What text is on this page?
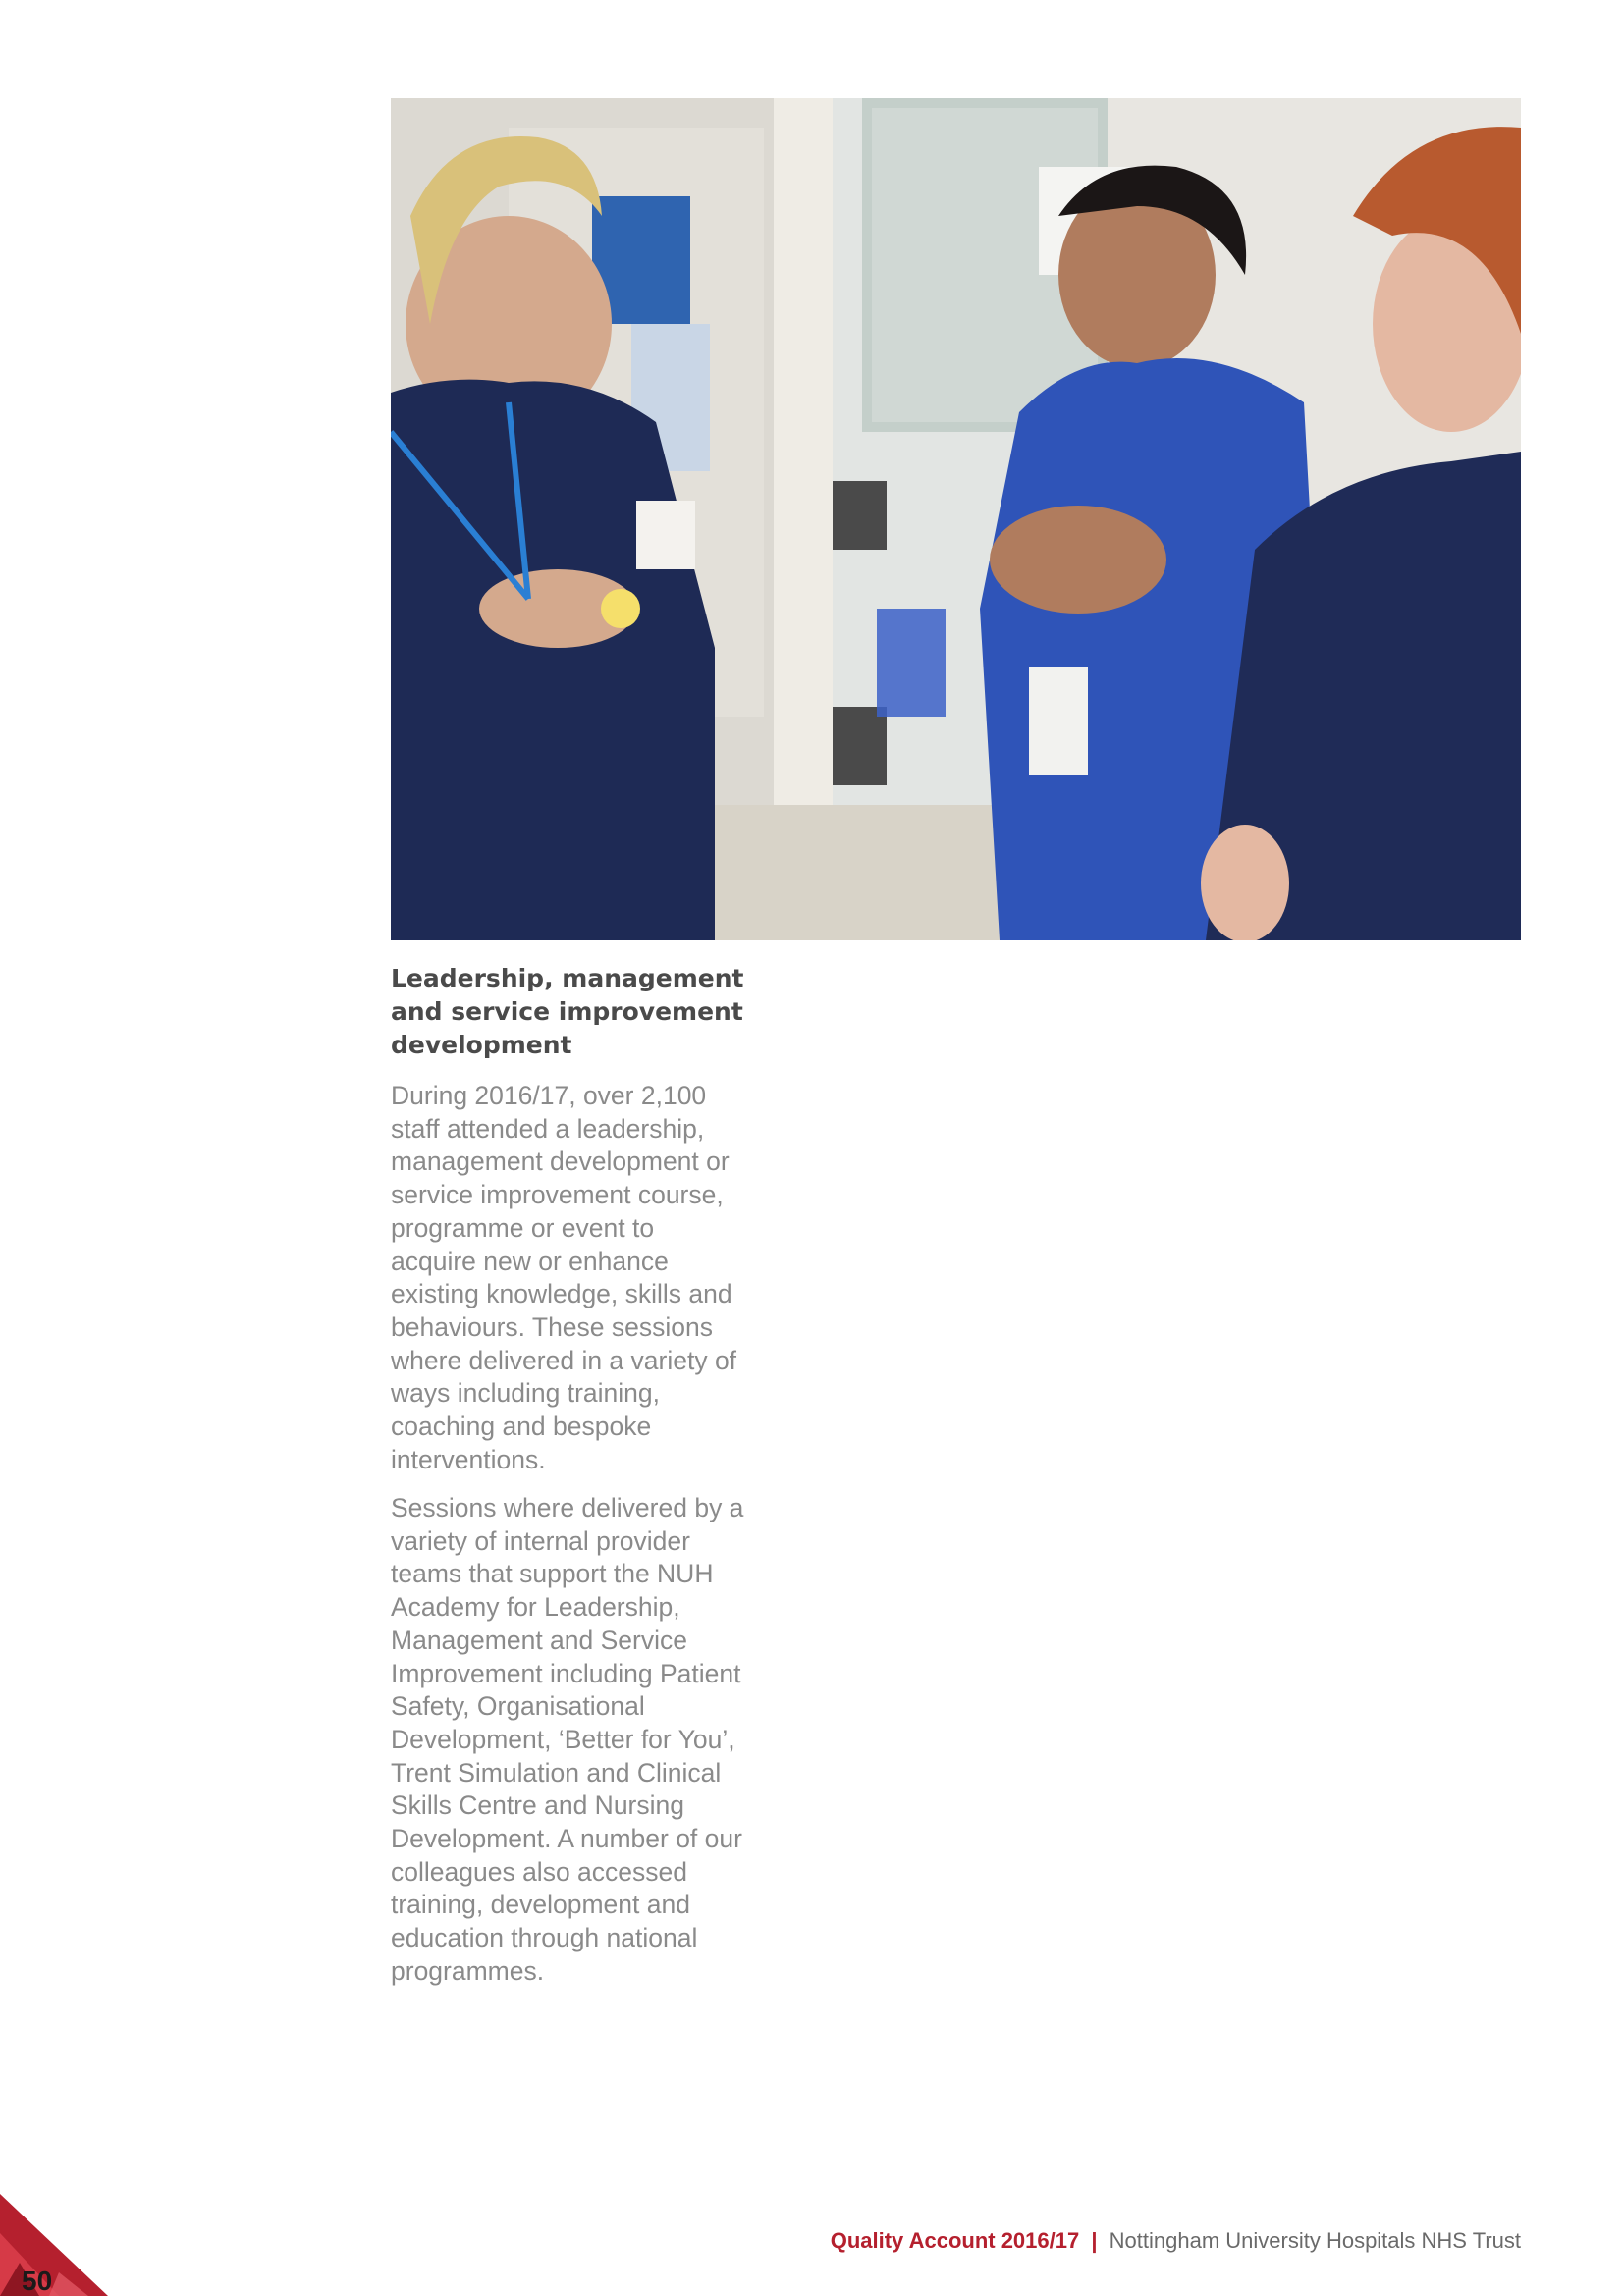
Leadership, management
and service improvement
development

During 2016/17, over 2,100 staff attended a leadership, management development or service improvement course, programme or event to acquire new or enhance existing knowledge, skills and behaviours. These sessions where delivered in a variety of ways including training, coaching and bespoke interventions.

Sessions where delivered by a variety of internal provider teams that support the NUH Academy for Leadership, Management and Service Improvement including Patient Safety, Organisational Development, ‘Better for You’, Trent Simulation and Clinical Skills Centre and Nursing Development. A number of our colleagues also accessed training, development and education through national programmes.

Quality Account 2016/17 | Nottingham University Hospitals NHS Trust
50
